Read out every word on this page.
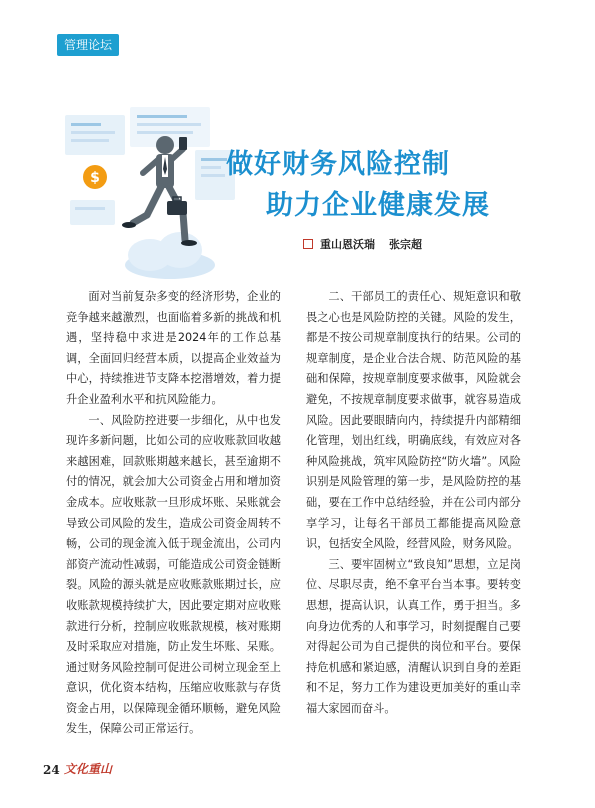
管理论坛
$	做好财务风险控制
助力企业健康发展
重山恩沃瑞 张宗超

面对当前复杂多变的经济形势，企业的竞争越来越激烈，也面临着多新的挑战和机遇，坚持稳中求进是2024年的工作总基调，全面回归经营本质，以提高企业效益为中心，持续推进节支降本挖潜增效，着力提升企业盈利水平和抗风险能力。

一、风险防控进要一步细化，从中也发现许多新问题，比如公司的应收账款回收越来越困难，回款账期越来越长，甚至逾期不付的情况，就会加大公司资金占用和增加资金成本。应收账款一旦形成坏账、呆账就会导致公司风险的发生，造成公司资金周转不畅，公司的现金流入低于现金流出，公司内部资产流动性减弱，可能造成公司资金链断裂。风险的源头就是应收账款账期过长，应收账款规模持续扩大，因此要定期对应收账款进行分析，控制应收账款规模，核对账期及时采取应对措施，防止发生坏账、呆账。通过财务风险控制可促进公司树立现金至上意识，优化资本结构，压缩应收账款与存货资金占用，以保障现金循环顺畅，避免风险发生，保障公司正常运行。

二、干部员工的责任心、规矩意识和敬畏之心也是风险防控的关键。风险的发生，都是不按公司规章制度执行的结果。公司的规章制度，是企业合法合规、防范风险的基础和保障，按规章制度要求做事，风险就会避免，不按规章制度要求做事，就容易造成风险。因此要眼睛向内，持续提升内部精细化管理，划出红线，明确底线，有效应对各种风险挑战，筑牢风险防控“防火墙”。风险识别是风险管理的第一步，是风险防控的基础，要在工作中总结经验，并在公司内部分享学习，让每名干部员工都能提高风险意识，包括安全风险，经营风险，财务风险。

三、要牢固树立“致良知”思想，立足岗位、尽职尽责，绝不拿平台当本事。要转变思想，提高认识，认真工作，勇于担当。多向身边优秀的人和事学习，时刻提醒自己要对得起公司为自己提供的岗位和平台。要保持危机感和紧迫感，清醒认识到自身的差距和不足，努力工作为建设更加美好的重山幸福大家园而奋斗。

24 文化重山
